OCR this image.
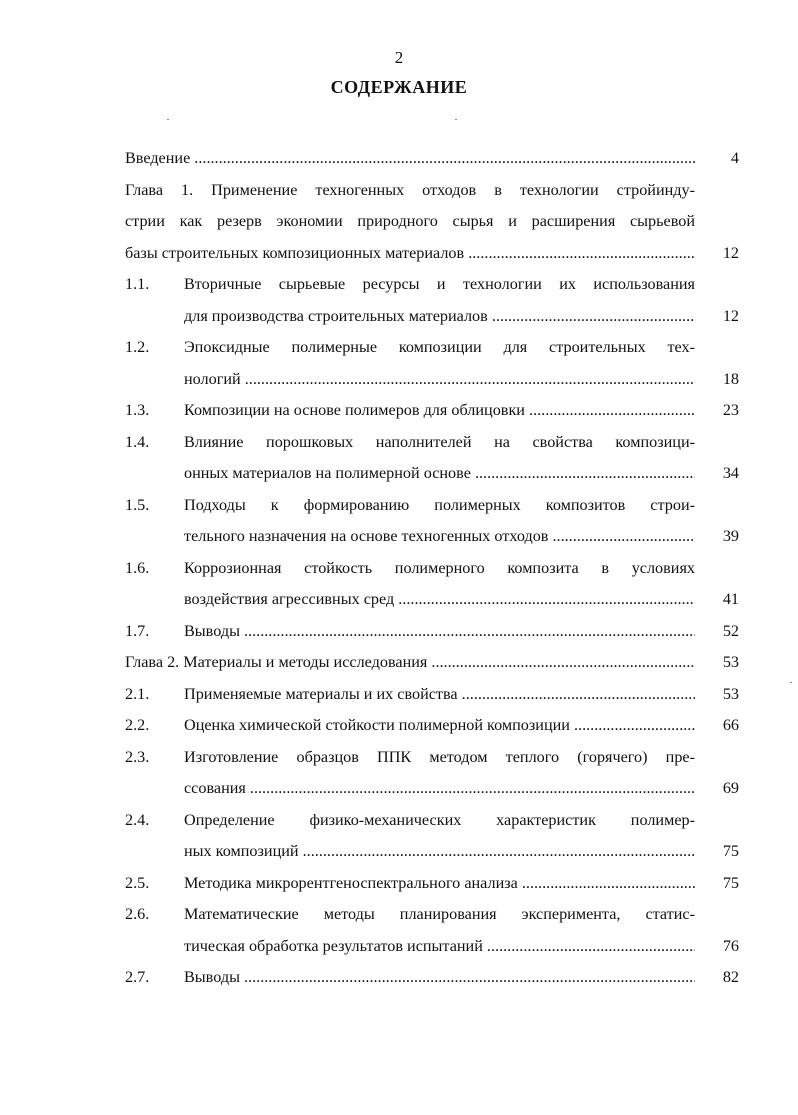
2
СОДЕРЖАНИЕ
Введение .....	4
Глава 1. Применение техногенных отходов в технологии стройинду-
стрии как резерв экономии природного сырья и расширения сырьевой
базы строительных композиционных материалов .....	12
1.1. Вторичные сырьевые ресурсы и технологии их использования
для производства строительных материалов .....	12
1.2. Эпоксидные полимерные композиции для строительных тех-
нологий .....	18
1.3. Композиции на основе полимеров для облицовки .....	23
1.4. Влияние порошковых наполнителей на свойства композици-
онных материалов на полимерной основе .....	34
1.5. Подходы к формированию полимерных композитов строи-
тельного назначения на основе техногенных отходов .....	39
1.6. Коррозионная стойкость полимерного композита в условиях
воздействия агрессивных сред .....	41
1.7. Выводы .....	52
Глава 2. Материалы и методы исследования .....	53
2.1. Применяемые материалы и их свойства .....	53
2.2. Оценка химической стойкости полимерной композиции .....	66
2.3. Изготовление образцов ППК методом теплого (горячего) пре-
ссования .....	69
2.4. Определение физико-механических характеристик полимер-
ных композиций .....	75
2.5. Методика микрорентгеноспектрального анализа .....	75
2.6. Математические методы планирования эксперимента, статис-
тическая обработка результатов испытаний .....	76
2.7. Выводы .....	82
